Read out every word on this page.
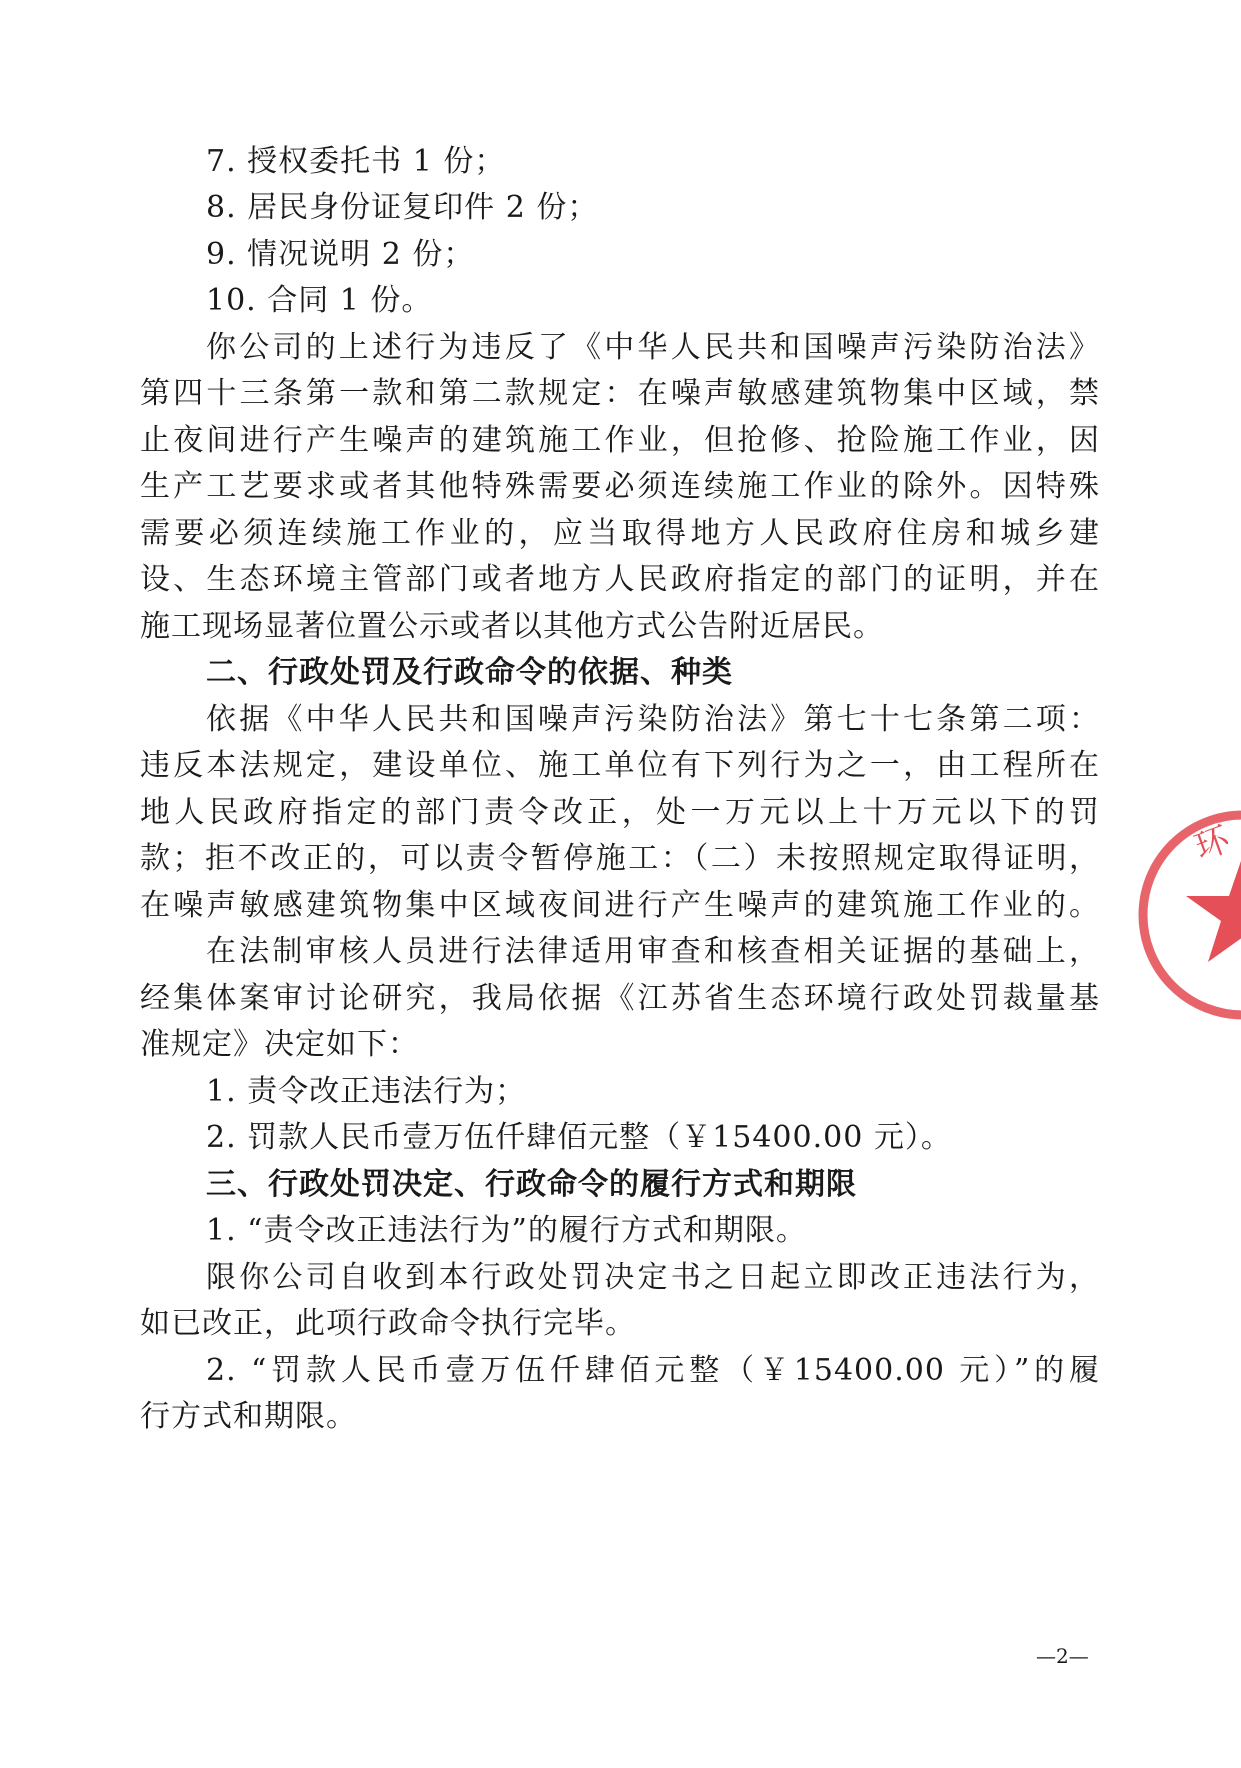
7. 授权委托书 1 份；
8. 居民身份证复印件 2 份；
9. 情况说明 2 份；
10. 合同 1 份。
你公司的上述行为违反了《中华人民共和国噪声污染防治法》
第四十三条第一款和第二款规定：在噪声敏感建筑物集中区域，禁
止夜间进行产生噪声的建筑施工作业，但抢修、抢险施工作业，因
生产工艺要求或者其他特殊需要必须连续施工作业的除外。因特殊
需要必须连续施工作业的，应当取得地方人民政府住房和城乡建
设、生态环境主管部门或者地方人民政府指定的部门的证明，并在
施工现场显著位置公示或者以其他方式公告附近居民。
二、行政处罚及行政命令的依据、种类
依据《中华人民共和国噪声污染防治法》第七十七条第二项：
违反本法规定，建设单位、施工单位有下列行为之一，由工程所在
地人民政府指定的部门责令改正，处一万元以上十万元以下的罚
款；拒不改正的，可以责令暂停施工：（二）未按照规定取得证明，
在噪声敏感建筑物集中区域夜间进行产生噪声的建筑施工作业的。
在法制审核人员进行法律适用审查和核查相关证据的基础上，
经集体案审讨论研究，我局依据《江苏省生态环境行政处罚裁量基
准规定》决定如下：
1. 责令改正违法行为；
2. 罚款人民币壹万伍仟肆佰元整（￥15400.00 元）。
三、行政处罚决定、行政命令的履行方式和期限
1. “责令改正违法行为”的履行方式和期限。
限你公司自收到本行政处罚决定书之日起立即改正违法行为，
如已改正，此项行政命令执行完毕。
2. “罚款人民币壹万伍仟肆佰元整（￥15400.00 元）”的履
行方式和期限。
—2—
环
